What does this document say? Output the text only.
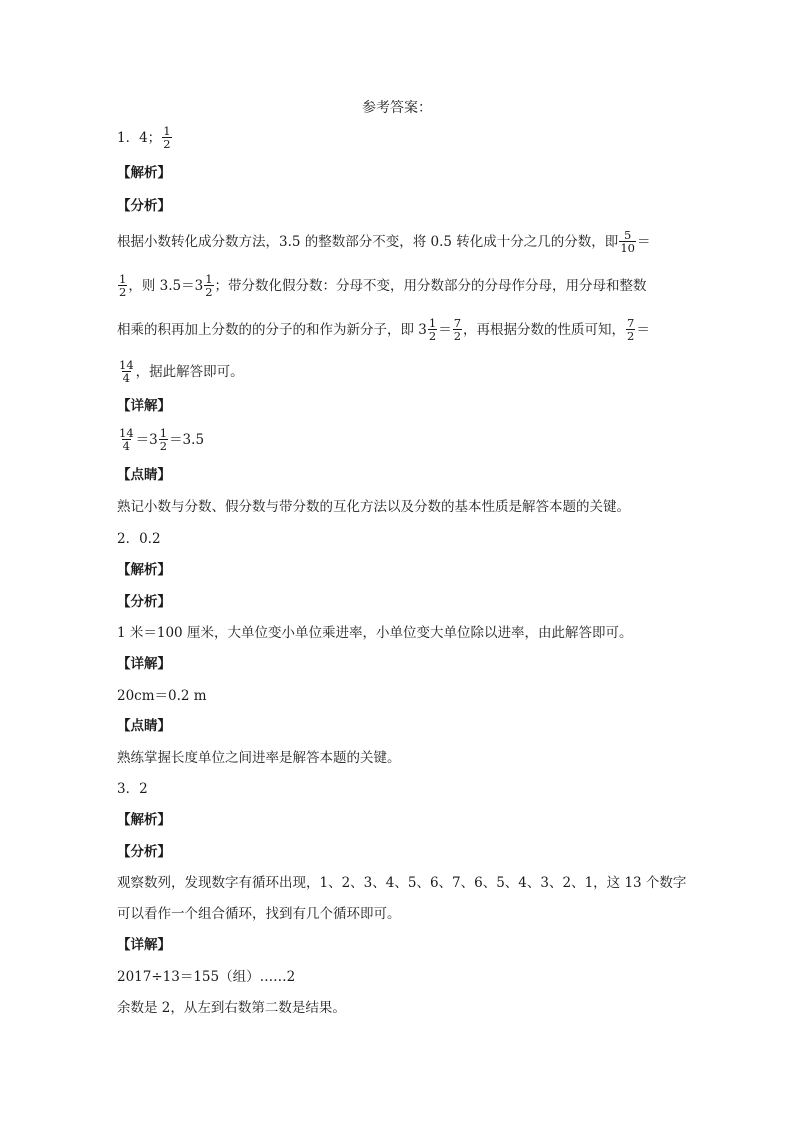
参考答案：
1．4； $\frac{1}{2}$
【解析】
【分析】
根据小数转化成分数方法，3.5 的整数部分不变，将 0.5 转化成十分之几的分数，即 $\frac{5}{10}$ ＝
$\frac{1}{2}$ ，则 $3.5=3 \frac{1}{2}$ ；带分数化假分数：分母不变，用分数部分的分母作分母，用分母和整数
相乘的积再加上分数的的分子的和作为新分子，即 $3 \frac{1}{2} = \frac{7}{2}$ ，再根据分数的性质可知， $\frac{7}{2}$ ＝
$\frac{14}{4}$ ，据此解答即可。
【详解】
$\frac{14}{4} =3 \frac{1}{2} =3.5$
【点睛】
熟记小数与分数、假分数与带分数的互化方法以及分数的基本性质是解答本题的关键。
2．0.2
【解析】
【分析】
1 米＝100 厘米，大单位变小单位乘进率，小单位变大单位除以进率，由此解答即可。
【详解】
20cm＝0.2 m
【点睛】
熟练掌握长度单位之间进率是解答本题的关键。
3．2
【解析】
【分析】
观察数列，发现数字有循环出现，1、2、3、4、5、6、7、6、5、4、3、2、1，这 13 个数字
可以看作一个组合循环，找到有几个循环即可。
【详解】
2017÷13＝155（组）……2
余数是 2，从左到右数第二数是结果。
